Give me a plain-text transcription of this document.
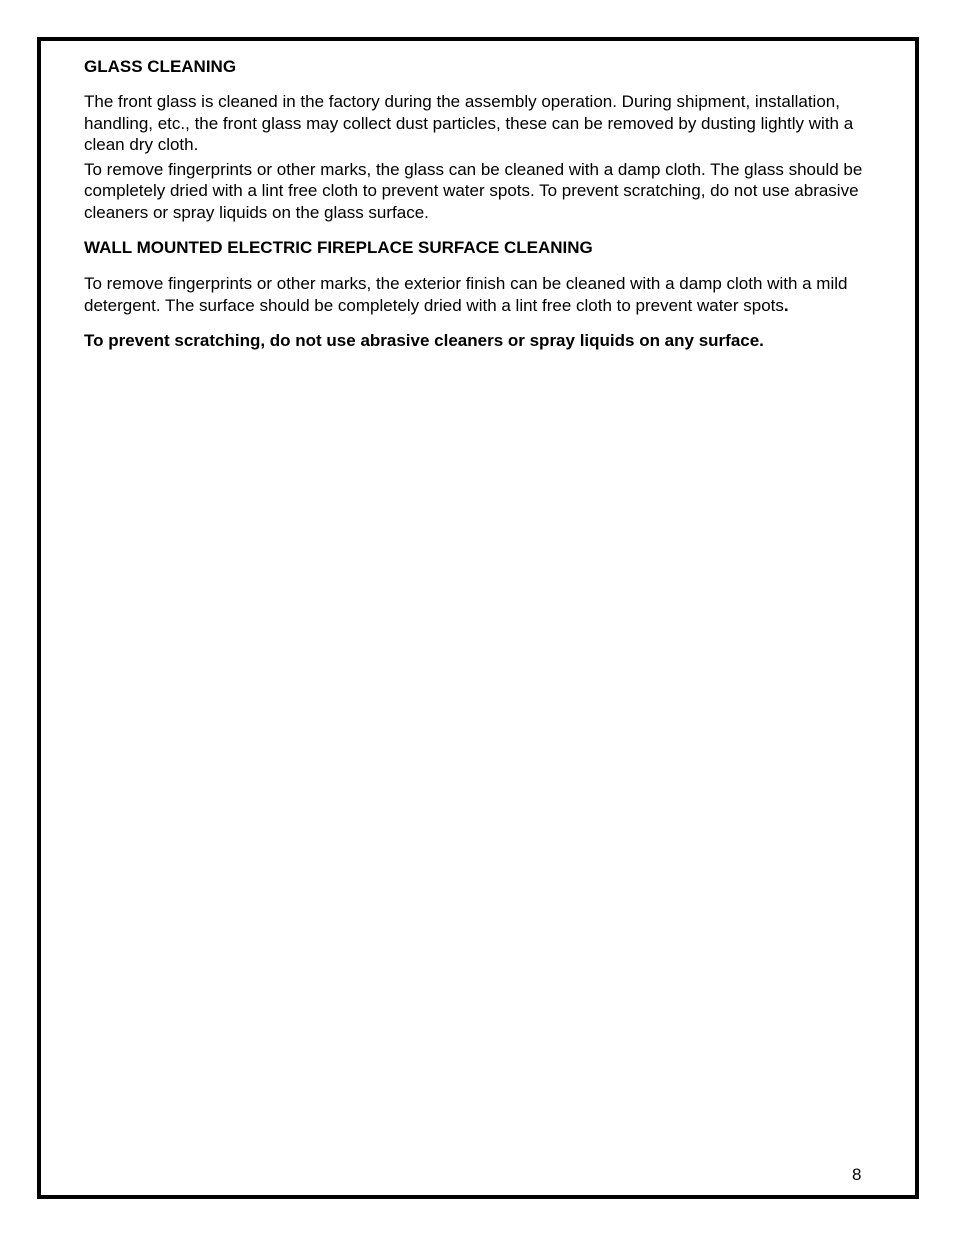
GLASS CLEANING

The front glass is cleaned in the factory during the assembly operation. During shipment, installation, handling, etc., the front glass may collect dust particles, these can be removed by dusting lightly with a clean dry cloth.

To remove fingerprints or other marks, the glass can be cleaned with a damp cloth. The glass should be completely dried with a lint free cloth to prevent water spots. To prevent scratching, do not use abrasive cleaners or spray liquids on the glass surface.

WALL MOUNTED ELECTRIC FIREPLACE SURFACE CLEANING

To remove fingerprints or other marks, the exterior finish can be cleaned with a damp cloth with a mild detergent. The surface should be completely dried with a lint free cloth to prevent water spots.

To prevent scratching, do not use abrasive cleaners or spray liquids on any surface.

8
